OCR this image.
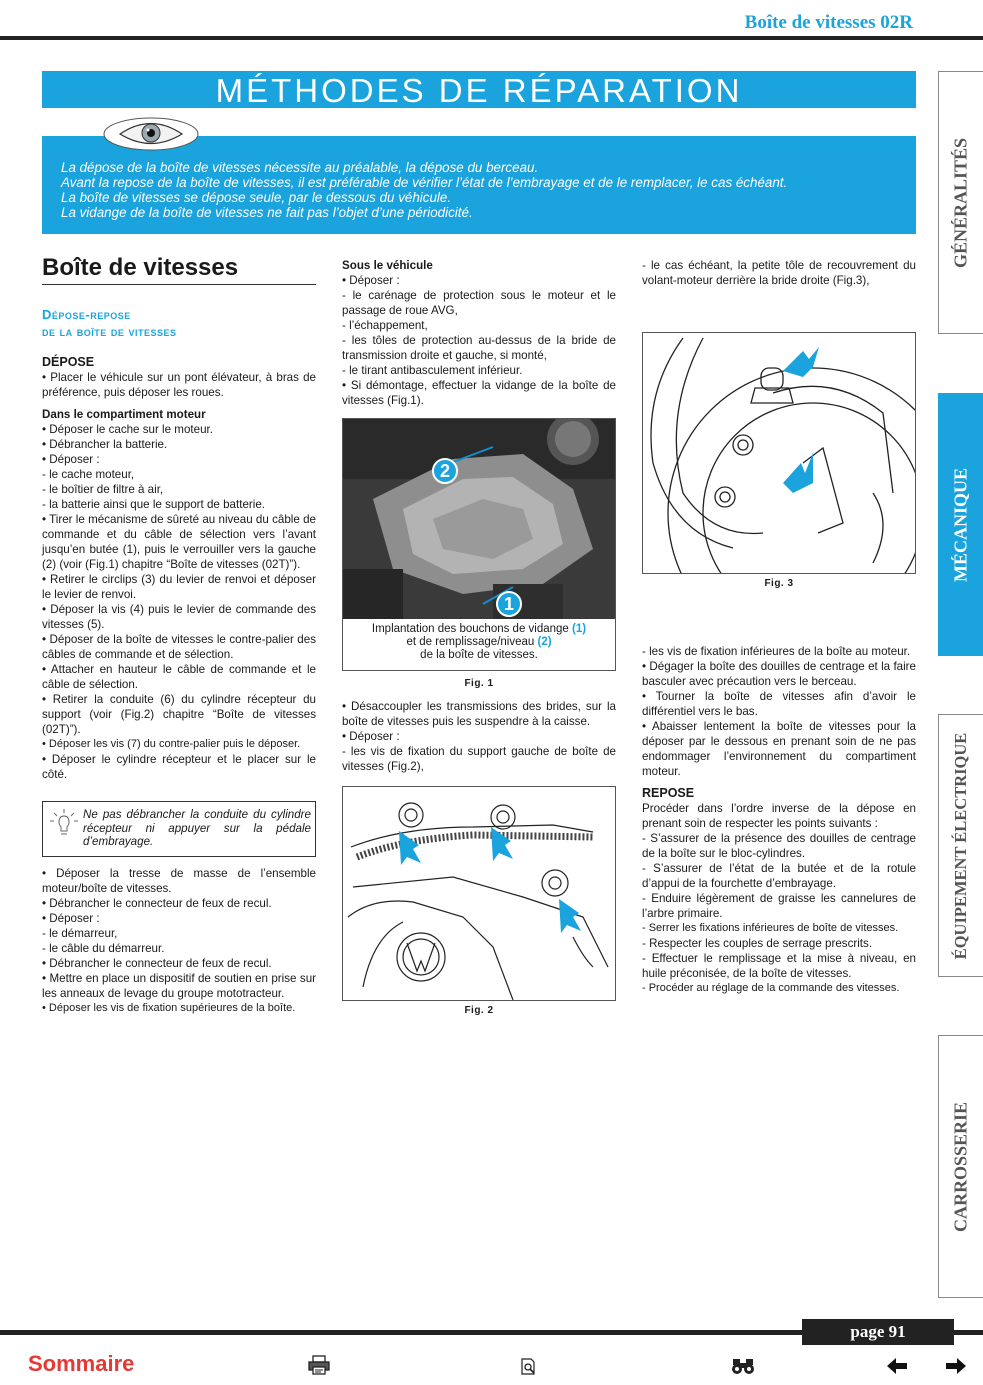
Boîte de vitesses 02R
MÉTHODES DE RÉPARATION
La dépose de la boîte de vitesses nécessite au préalable, la dépose du berceau.
Avant la repose de la boîte de vitesses, il est préférable de vérifier l’état de l’embrayage et de le remplacer, le cas échéant.
La boîte de vitesses se dépose seule, par le dessous du véhicule.
La vidange de la boîte de vitesses ne fait pas l’objet d’une périodicité.
Boîte de vitesses
Dépose-repose
de la boîte de vitesses

DÉPOSE

• Placer le véhicule sur un pont élévateur, à bras de préférence, puis déposer les roues.

Dans le compartiment moteur

• Déposer le cache sur le moteur.

• Débrancher la batterie.

• Déposer :

- le cache moteur,

- le boîtier de filtre à air,

- la batterie ainsi que le support de batterie.

• Tirer le mécanisme de sûreté au niveau du câble de commande et du câble de sélection vers l’avant jusqu’en butée (1), puis le verrouiller vers la gauche (2) (voir (Fig.1) chapitre “Boîte de vitesses (02T)”).

• Retirer le circlips (3) du levier de renvoi et déposer le levier de renvoi.

• Déposer la vis (4) puis le levier de commande des vitesses (5).

• Déposer de la boîte de vitesses le contre-palier des câbles de commande et de sélection.

• Attacher en hauteur le câble de commande et le câble de sélection.

• Retirer la conduite (6) du cylindre récepteur du support (voir (Fig.2) chapitre “Boîte de vitesses (02T)”).

• Déposer les vis (7) du contre-palier puis le déposer.

• Déposer le cylindre récepteur et le placer sur le côté.

Ne pas débrancher la conduite du cylindre récepteur ni appuyer sur la pédale d’embrayage.

• Déposer la tresse de masse de l’ensemble moteur/boîte de vitesses.

• Débrancher le connecteur de feux de recul.

• Déposer :

- le démarreur,

- le câble du démarreur.

• Débrancher le connecteur de feux de recul.

• Mettre en place un dispositif de soutien en prise sur les anneaux de levage du groupe mototracteur.

• Déposer les vis de fixation supérieures de la boîte.

Sous le véhicule

• Déposer :

- le carénage de protection sous le moteur et le passage de roue AVG,

- l’échappement,

- les tôles de protection au-dessus de la bride de transmission droite et gauche, si monté,

- le tirant antibasculement inférieur.

• Si démontage, effectuer la vidange de la boîte de vitesses (Fig.1).

2
1
Implantation des bouchons de vidange (1)
et de remplissage/niveau (2)
de la boîte de vitesses.
Fig. 1

• Désaccoupler les transmissions des brides, sur la boîte de vitesses puis les suspendre à la caisse.

• Déposer :

- les vis de fixation du support gauche de boîte de vitesses (Fig.2),

Fig. 2

- le cas échéant, la petite tôle de recouvrement du volant-moteur derrière la bride droite (Fig.3),

Fig. 3

- les vis de fixation inférieures de la boîte au moteur.

• Dégager la boîte des douilles de centrage et la faire basculer avec précaution vers le berceau.

• Tourner la boîte de vitesses afin d’avoir le différentiel vers le bas.

• Abaisser lentement la boîte de vitesses pour la déposer par le dessous en prenant soin de ne pas endommager l’environnement du compartiment moteur.

REPOSE

Procéder dans l’ordre inverse de la dépose en prenant soin de respecter les points suivants :

- S’assurer de la présence des douilles de centrage de la boîte sur le bloc-cylindres.

- S’assurer de l’état de la butée et de la rotule d’appui de la fourchette d’embrayage.

- Enduire légèrement de graisse les cannelures de l’arbre primaire.

- Serrer les fixations inférieures de boîte de vitesses.

- Respecter les couples de serrage prescrits.

- Effectuer le remplissage et la mise à niveau, en huile préconisée, de la boîte de vitesses.

- Procéder au réglage de la commande des vitesses.

GÉNÉRALITÉS
MÉCANIQUE
ÉQUIPEMENT ÉLECTRIQUE
CARROSSERIE
page 91
Sommaire
